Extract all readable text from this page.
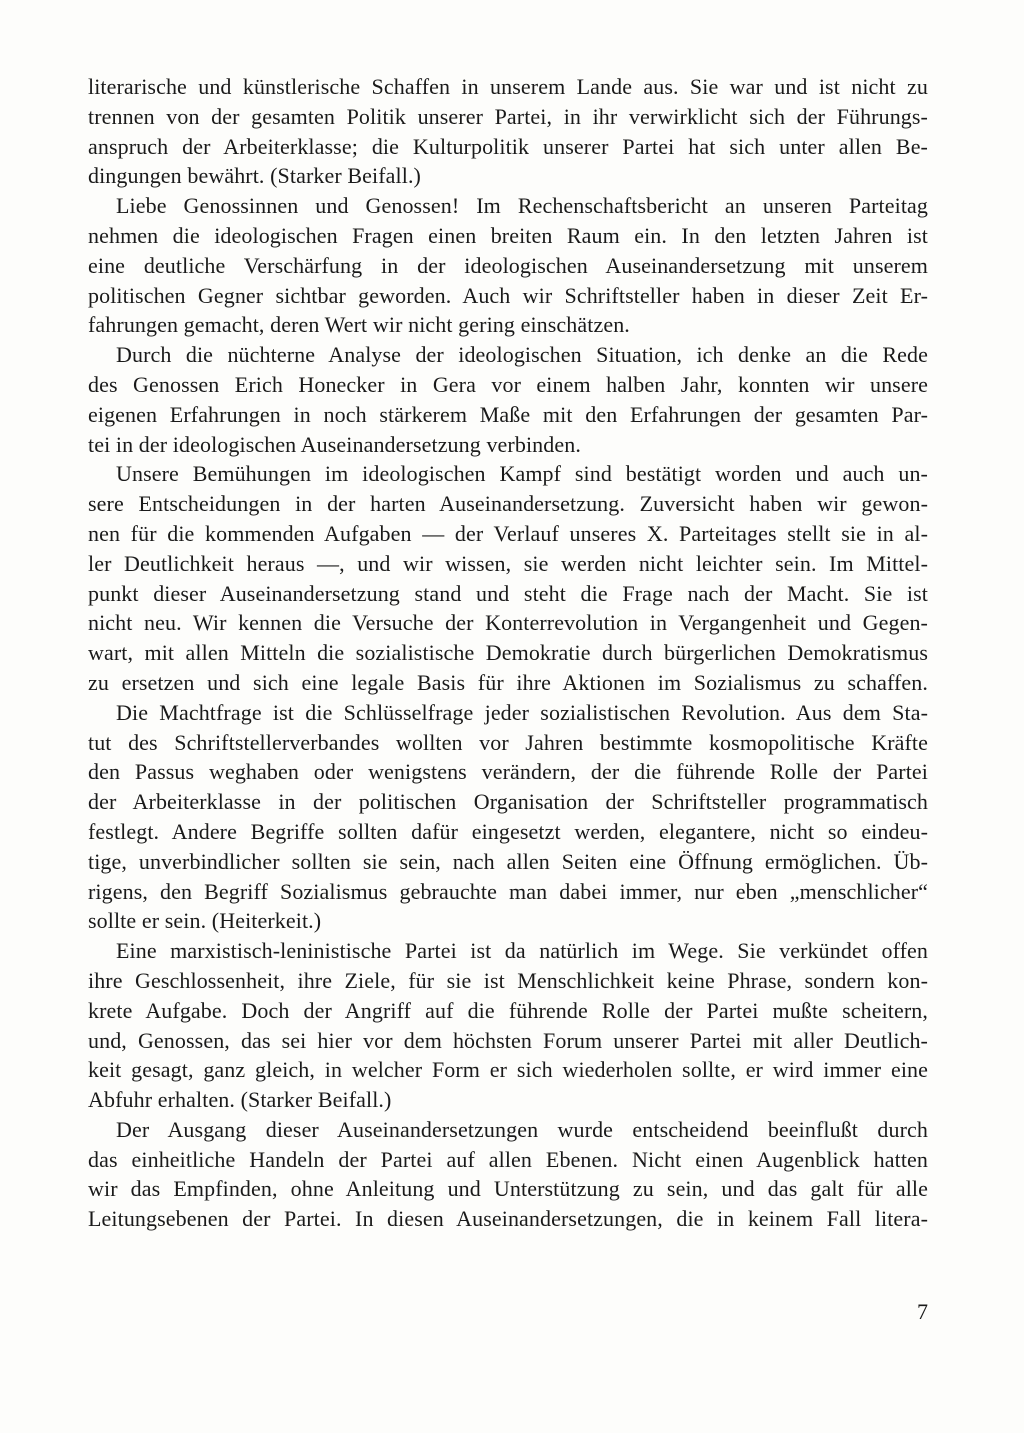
literarische und künstlerische Schaffen in unserem Lande aus. Sie war und ist nicht zu
trennen von der gesamten Politik unserer Partei, in ihr verwirklicht sich der Führungs-
anspruch der Arbeiterklasse; die Kulturpolitik unserer Partei hat sich unter allen Be-
dingungen bewährt. (Starker Beifall.)
Liebe Genossinnen und Genossen! Im Rechenschaftsbericht an unseren Parteitag
nehmen die ideologischen Fragen einen breiten Raum ein. In den letzten Jahren ist
eine deutliche Verschärfung in der ideologischen Auseinandersetzung mit unserem
politischen Gegner sichtbar geworden. Auch wir Schriftsteller haben in dieser Zeit Er-
fahrungen gemacht, deren Wert wir nicht gering einschätzen.
Durch die nüchterne Analyse der ideologischen Situation, ich denke an die Rede
des Genossen Erich Honecker in Gera vor einem halben Jahr, konnten wir unsere
eigenen Erfahrungen in noch stärkerem Maße mit den Erfahrungen der gesamten Par-
tei in der ideologischen Auseinandersetzung verbinden.
Unsere Bemühungen im ideologischen Kampf sind bestätigt worden und auch un-
sere Entscheidungen in der harten Auseinandersetzung. Zuversicht haben wir gewon-
nen für die kommenden Aufgaben — der Verlauf unseres X. Parteitages stellt sie in al-
ler Deutlichkeit heraus —, und wir wissen, sie werden nicht leichter sein. Im Mittel-
punkt dieser Auseinandersetzung stand und steht die Frage nach der Macht. Sie ist
nicht neu. Wir kennen die Versuche der Konterrevolution in Vergangenheit und Gegen-
wart, mit allen Mitteln die sozialistische Demokratie durch bürgerlichen Demokratismus
zu ersetzen und sich eine legale Basis für ihre Aktionen im Sozialismus zu schaffen.
Die Machtfrage ist die Schlüsselfrage jeder sozialistischen Revolution. Aus dem Sta-
tut des Schriftstellerverbandes wollten vor Jahren bestimmte kosmopolitische Kräfte
den Passus weghaben oder wenigstens verändern, der die führende Rolle der Partei
der Arbeiterklasse in der politischen Organisation der Schriftsteller programmatisch
festlegt. Andere Begriffe sollten dafür eingesetzt werden, elegantere, nicht so eindeu-
tige, unverbindlicher sollten sie sein, nach allen Seiten eine Öffnung ermöglichen. Üb-
rigens, den Begriff Sozialismus gebrauchte man dabei immer, nur eben „menschlicher“
sollte er sein. (Heiterkeit.)
Eine marxistisch-leninistische Partei ist da natürlich im Wege. Sie verkündet offen
ihre Geschlossenheit, ihre Ziele, für sie ist Menschlichkeit keine Phrase, sondern kon-
krete Aufgabe. Doch der Angriff auf die führende Rolle der Partei mußte scheitern,
und, Genossen, das sei hier vor dem höchsten Forum unserer Partei mit aller Deutlich-
keit gesagt, ganz gleich, in welcher Form er sich wiederholen sollte, er wird immer eine
Abfuhr erhalten. (Starker Beifall.)
Der Ausgang dieser Auseinandersetzungen wurde entscheidend beeinflußt durch
das einheitliche Handeln der Partei auf allen Ebenen. Nicht einen Augenblick hatten
wir das Empfinden, ohne Anleitung und Unterstützung zu sein, und das galt für alle
Leitungsebenen der Partei. In diesen Auseinandersetzungen, die in keinem Fall litera-
7
